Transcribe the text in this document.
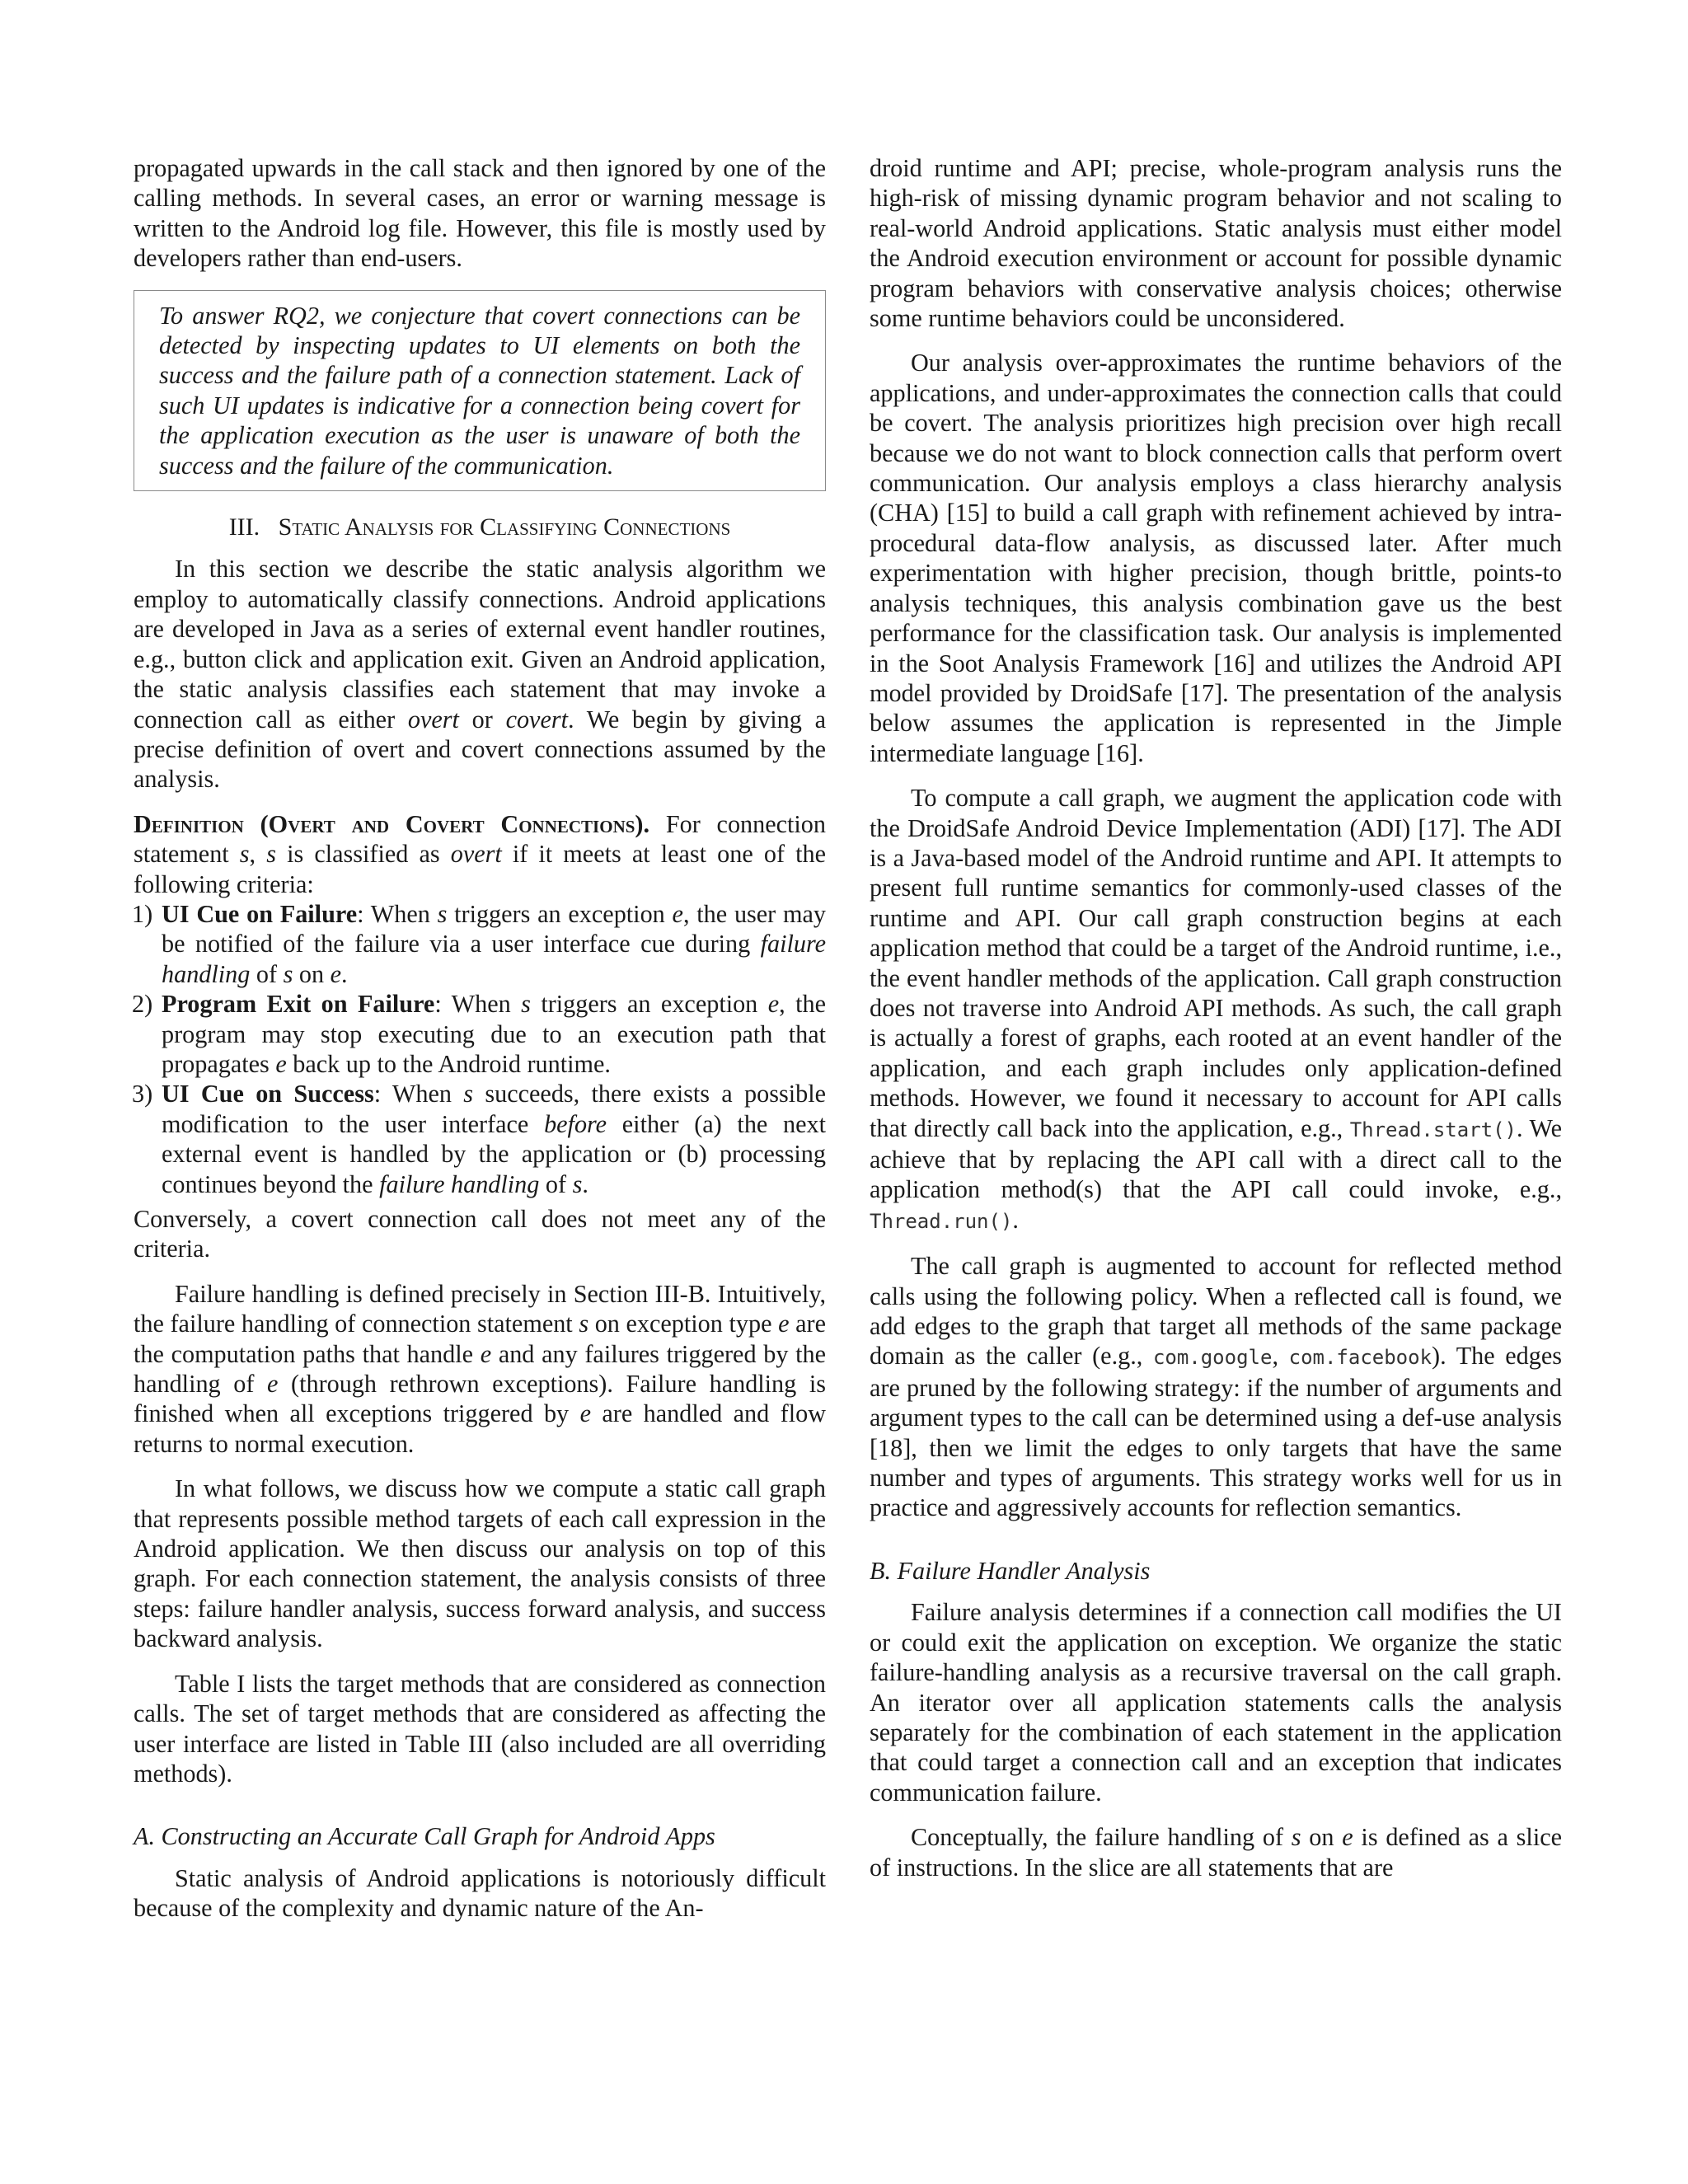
propagated upwards in the call stack and then ignored by one of the calling methods. In several cases, an error or warning message is written to the Android log file. However, this file is mostly used by developers rather than end-users.

To answer RQ2, we conjecture that covert connections can be detected by inspecting updates to UI elements on both the success and the failure path of a connection statement. Lack of such UI updates is indicative for a connection being covert for the application execution as the user is unaware of both the success and the failure of the communication.
III. Static Analysis for Classifying Connections

In this section we describe the static analysis algorithm we employ to automatically classify connections. Android applications are developed in Java as a series of external event handler routines, e.g., button click and application exit. Given an Android application, the static analysis classifies each statement that may invoke a connection call as either overt or covert. We begin by giving a precise definition of overt and covert connections assumed by the analysis.

Definition (Overt and Covert Connections). For connection statement s, s is classified as overt if it meets at least one of the following criteria:

1) UI Cue on Failure: When s triggers an exception e, the user may be notified of the failure via a user interface cue during failure handling of s on e.
2) Program Exit on Failure: When s triggers an exception e, the program may stop executing due to an execution path that propagates e back up to the Android runtime.
3) UI Cue on Success: When s succeeds, there exists a possible modification to the user interface before either (a) the next external event is handled by the application or (b) processing continues beyond the failure handling of s.

Conversely, a covert connection call does not meet any of the criteria.

Failure handling is defined precisely in Section III-B. Intuitively, the failure handling of connection statement s on exception type e are the computation paths that handle e and any failures triggered by the handling of e (through rethrown exceptions). Failure handling is finished when all exceptions triggered by e are handled and flow returns to normal execution.

In what follows, we discuss how we compute a static call graph that represents possible method targets of each call expression in the Android application. We then discuss our analysis on top of this graph. For each connection statement, the analysis consists of three steps: failure handler analysis, success forward analysis, and success backward analysis.

Table I lists the target methods that are considered as connection calls. The set of target methods that are considered as affecting the user interface are listed in Table III (also included are all overriding methods).

A. Constructing an Accurate Call Graph for Android Apps

Static analysis of Android applications is notoriously difficult because of the complexity and dynamic nature of the An-

droid runtime and API; precise, whole-program analysis runs the high-risk of missing dynamic program behavior and not scaling to real-world Android applications. Static analysis must either model the Android execution environment or account for possible dynamic program behaviors with conservative analysis choices; otherwise some runtime behaviors could be unconsidered.

Our analysis over-approximates the runtime behaviors of the applications, and under-approximates the connection calls that could be covert. The analysis prioritizes high precision over high recall because we do not want to block connection calls that perform overt communication. Our analysis employs a class hierarchy analysis (CHA) [15] to build a call graph with refinement achieved by intra-procedural data-flow analysis, as discussed later. After much experimentation with higher precision, though brittle, points-to analysis techniques, this analysis combination gave us the best performance for the classification task. Our analysis is implemented in the Soot Analysis Framework [16] and utilizes the Android API model provided by DroidSafe [17]. The presentation of the analysis below assumes the application is represented in the Jimple intermediate language [16].

To compute a call graph, we augment the application code with the DroidSafe Android Device Implementation (ADI) [17]. The ADI is a Java-based model of the Android runtime and API. It attempts to present full runtime semantics for commonly-used classes of the runtime and API. Our call graph construction begins at each application method that could be a target of the Android runtime, i.e., the event handler methods of the application. Call graph construction does not traverse into Android API methods. As such, the call graph is actually a forest of graphs, each rooted at an event handler of the application, and each graph includes only application-defined methods. However, we found it necessary to account for API calls that directly call back into the application, e.g., Thread.start(). We achieve that by replacing the API call with a direct call to the application method(s) that the API call could invoke, e.g., Thread.run().

The call graph is augmented to account for reflected method calls using the following policy. When a reflected call is found, we add edges to the graph that target all methods of the same package domain as the caller (e.g., com.google, com.facebook). The edges are pruned by the following strategy: if the number of arguments and argument types to the call can be determined using a def-use analysis [18], then we limit the edges to only targets that have the same number and types of arguments. This strategy works well for us in practice and aggressively accounts for reflection semantics.

B. Failure Handler Analysis

Failure analysis determines if a connection call modifies the UI or could exit the application on exception. We organize the static failure-handling analysis as a recursive traversal on the call graph. An iterator over all application statements calls the analysis separately for the combination of each statement in the application that could target a connection call and an exception that indicates communication failure.

Conceptually, the failure handling of s on e is defined as a slice of instructions. In the slice are all statements that are
